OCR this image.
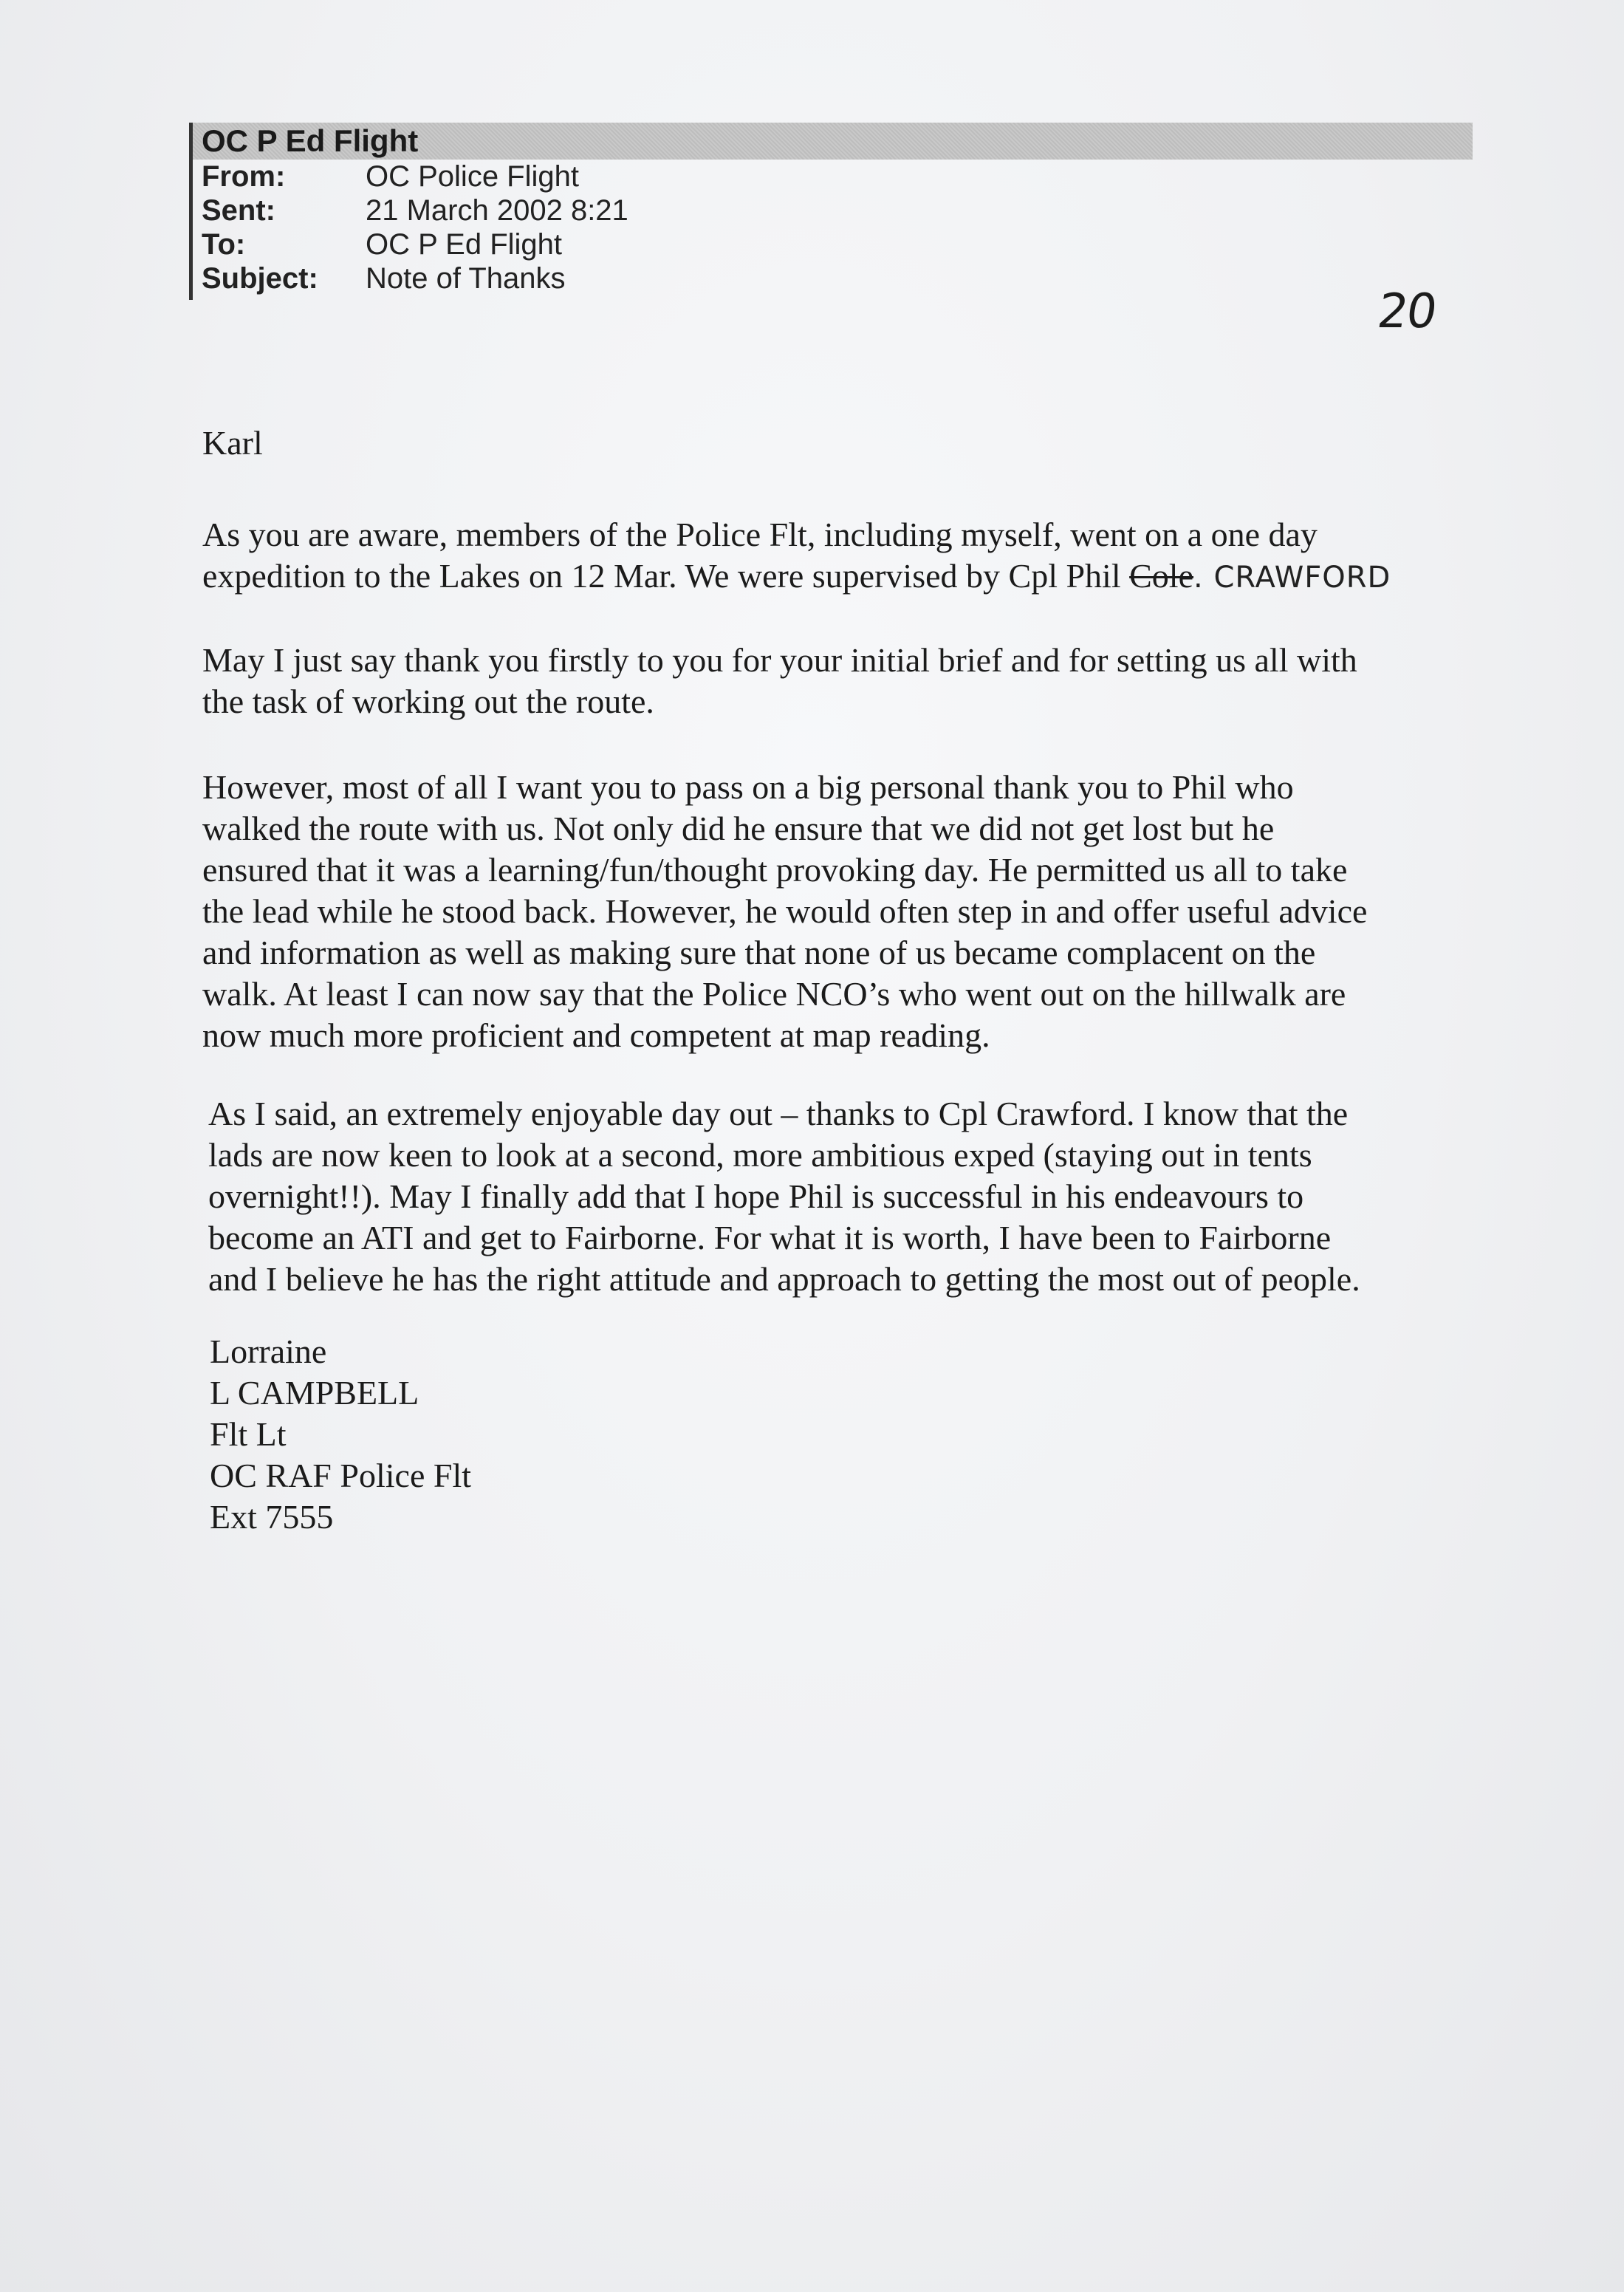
OC P Ed Flight
From:	OC Police Flight
Sent:	21 March 2002 8:21
To:	OC P Ed Flight
Subject: Note of Thanks
20
Karl
As you are aware, members of the Police Flt, including myself, went on a one day
expedition to the Lakes on 12 Mar. We were supervised by Cpl Phil Cole. CRAWFORD
May I just say thank you firstly to you for your initial brief and for setting us all with
the task of working out the route.
However, most of all I want you to pass on a big personal thank you to Phil who
walked the route with us. Not only did he ensure that we did not get lost but he
ensured that it was a learning/fun/thought provoking day. He permitted us all to take
the lead while he stood back. However, he would often step in and offer useful advice
and information as well as making sure that none of us became complacent on the
walk. At least I can now say that the Police NCO’s who went out on the hillwalk are
now much more proficient and competent at map reading.
As I said, an extremely enjoyable day out – thanks to Cpl Crawford. I know that the
lads are now keen to look at a second, more ambitious exped (staying out in tents
overnight!!). May I finally add that I hope Phil is successful in his endeavours to
become an ATI and get to Fairborne. For what it is worth, I have been to Fairborne
and I believe he has the right attitude and approach to getting the most out of people.
Lorraine
L CAMPBELL
Flt Lt
OC RAF Police Flt
Ext 7555
